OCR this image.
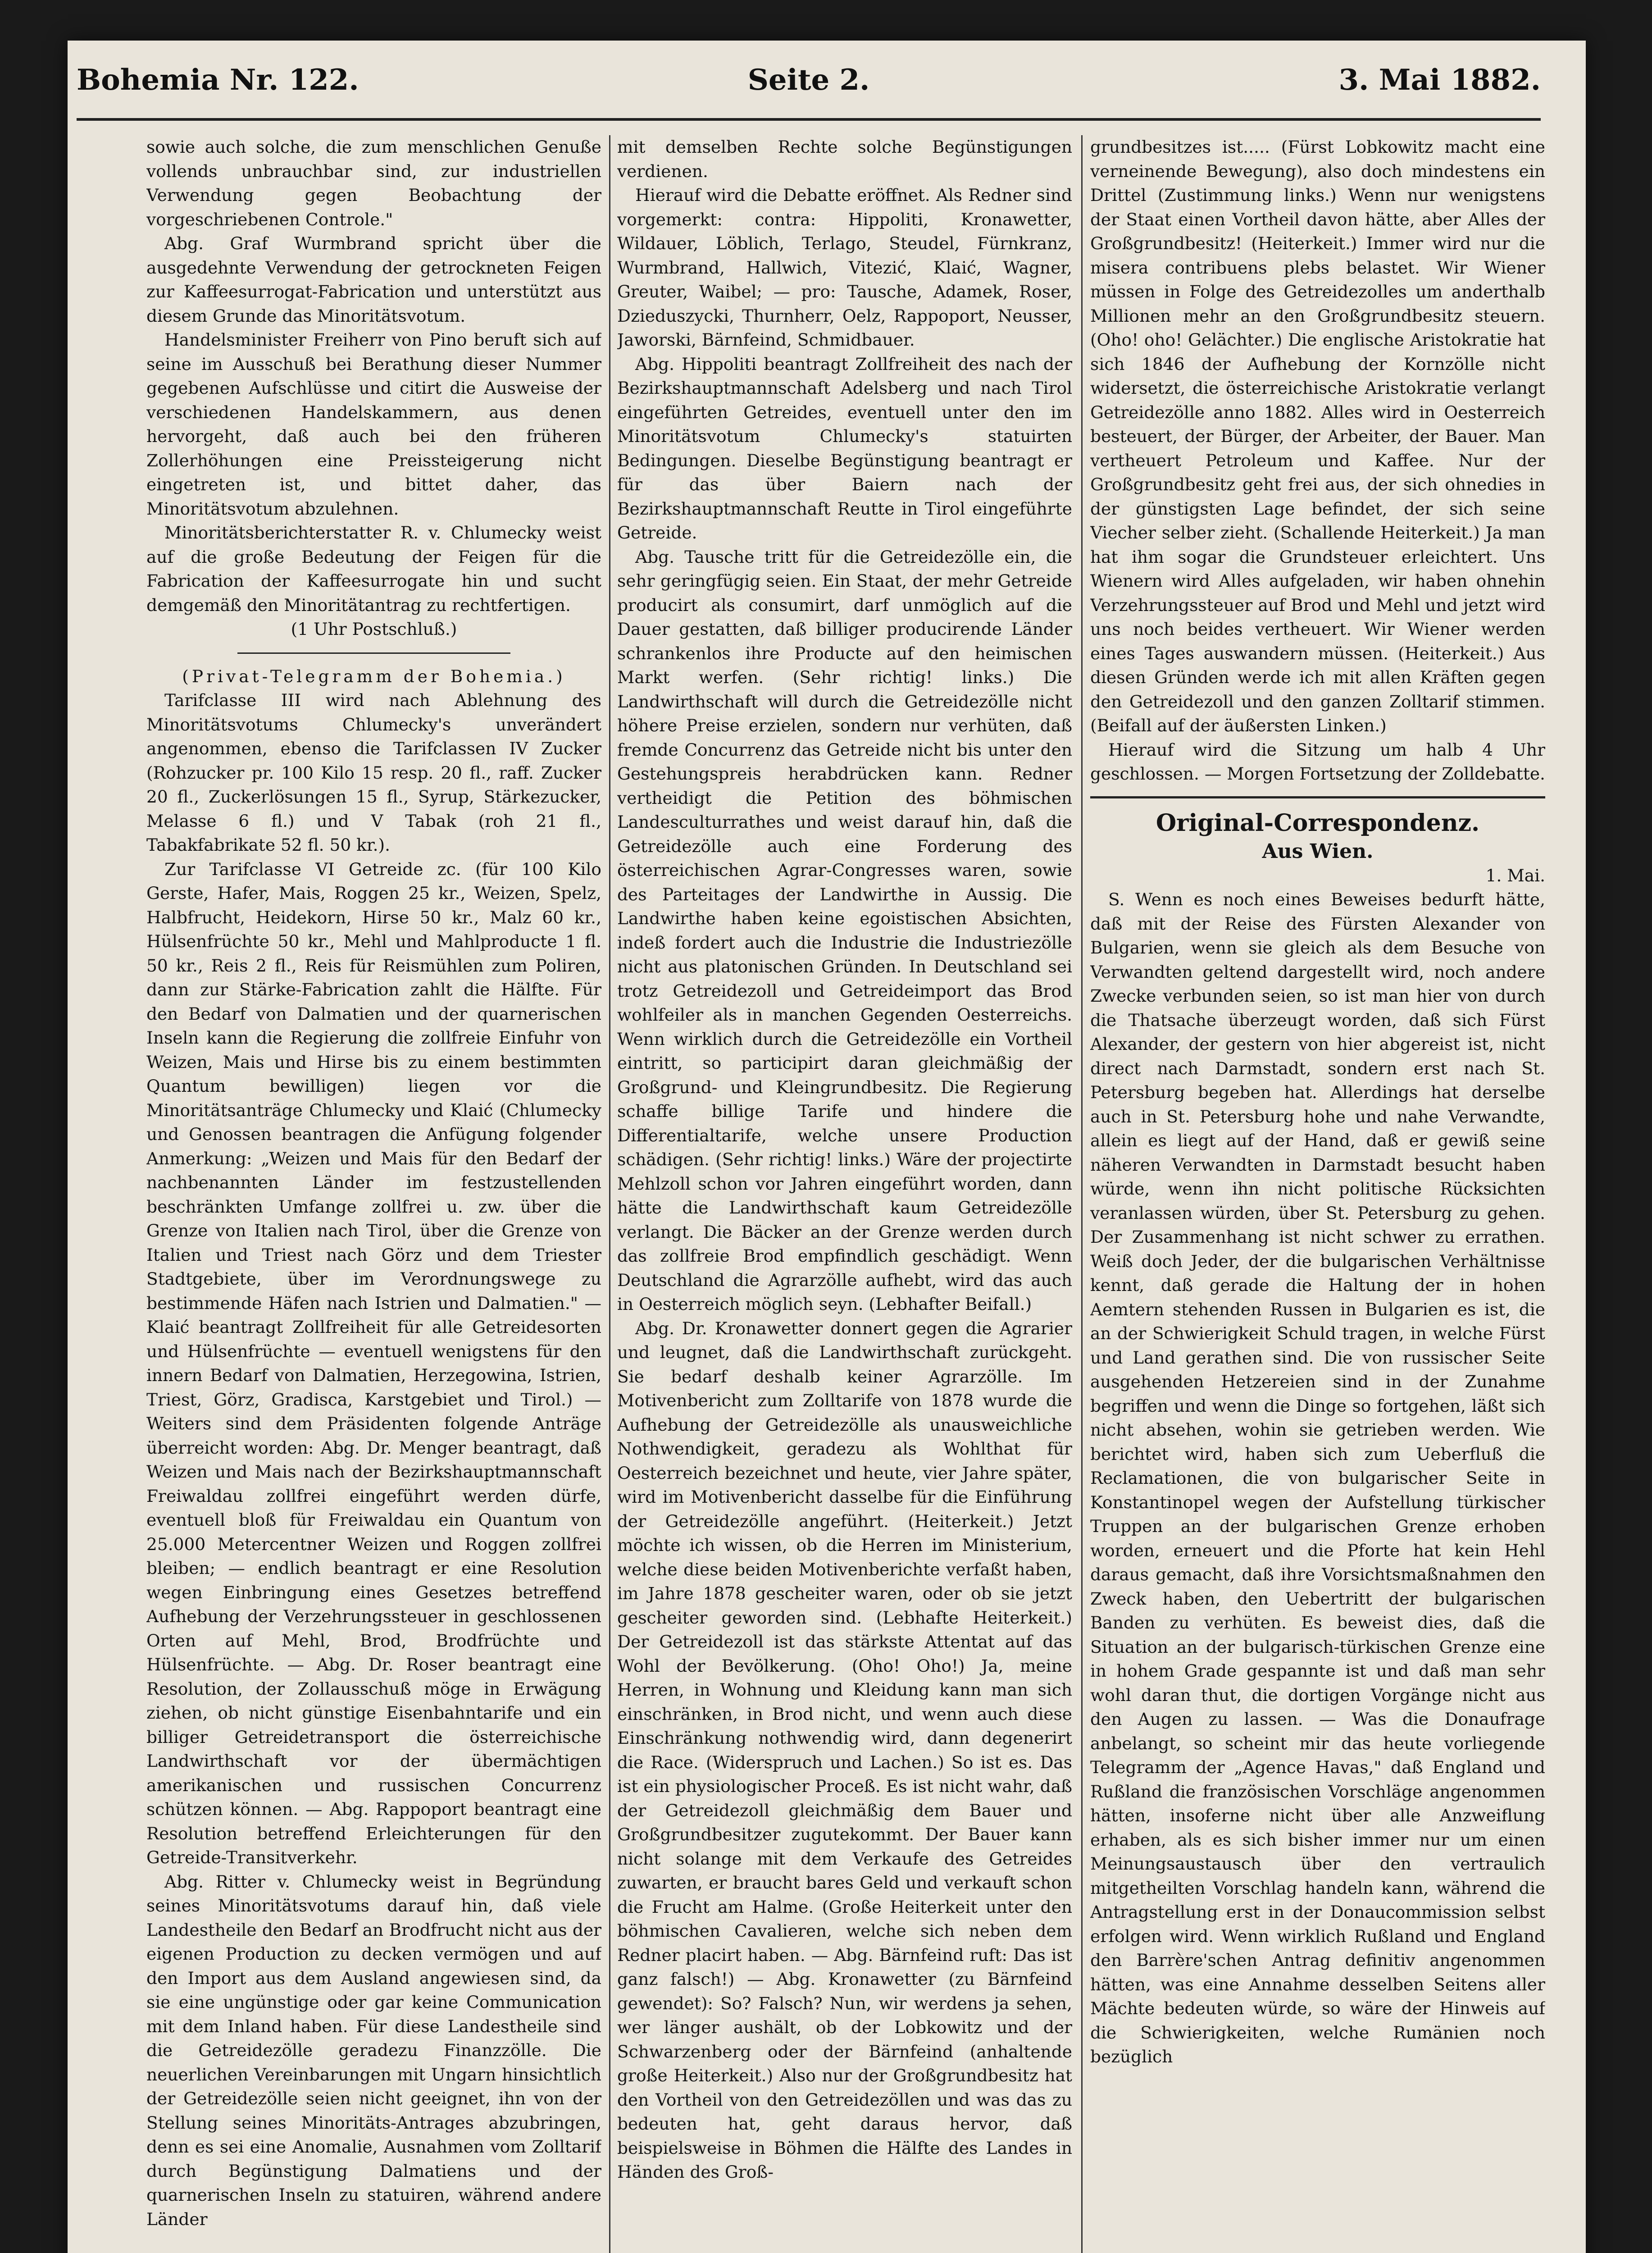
Bohemia Nr. 122.	Seite 2.	3. Mai 1882.

sowie auch solche, die zum menschlichen Genuße vollends unbrauchbar sind, zur industriellen Verwendung gegen Beobachtung der vorgeschriebenen Controle."

Abg. Graf Wurmbrand spricht über die ausgedehnte Verwendung der getrockneten Feigen zur Kaffeesurrogat-Fabrication und unterstützt aus diesem Grunde das Minoritätsvotum.

Handelsminister Freiherr von Pino beruft sich auf seine im Ausschuß bei Berathung dieser Nummer gegebenen Aufschlüsse und citirt die Ausweise der verschiedenen Handelskammern, aus denen hervorgeht, daß auch bei den früheren Zollerhöhungen eine Preissteigerung nicht eingetreten ist, und bittet daher, das Minoritätsvotum abzulehnen.

Minoritätsberichterstatter R. v. Chlumecky weist auf die große Bedeutung der Feigen für die Fabrication der Kaffeesurrogate hin und sucht demgemäß den Minoritätantrag zu rechtfertigen.

(1 Uhr Postschluß.)

(Privat-Telegramm der Bohemia.)

Tarifclasse III wird nach Ablehnung des Minoritätsvotums Chlumecky's unverändert angenommen, ebenso die Tarifclassen IV Zucker (Rohzucker pr. 100 Kilo 15 resp. 20 fl., raff. Zucker 20 fl., Zuckerlösungen 15 fl., Syrup, Stärkezucker, Melasse 6 fl.) und V Tabak (roh 21 fl., Tabakfabrikate 52 fl. 50 kr.).

Zur Tarifclasse VI Getreide zc. (für 100 Kilo Gerste, Hafer, Mais, Roggen 25 kr., Weizen, Spelz, Halbfrucht, Heidekorn, Hirse 50 kr., Malz 60 kr., Hülsenfrüchte 50 kr., Mehl und Mahlproducte 1 fl. 50 kr., Reis 2 fl., Reis für Reismühlen zum Poliren, dann zur Stärke-Fabrication zahlt die Hälfte. Für den Bedarf von Dalmatien und der quarnerischen Inseln kann die Regierung die zollfreie Einfuhr von Weizen, Mais und Hirse bis zu einem bestimmten Quantum bewilligen) liegen vor die Minoritätsanträge Chlumecky und Klaić (Chlumecky und Genossen beantragen die Anfügung folgender Anmerkung: „Weizen und Mais für den Bedarf der nachbenannten Länder im festzustellenden beschränkten Umfange zollfrei u. zw. über die Grenze von Italien nach Tirol, über die Grenze von Italien und Triest nach Görz und dem Triester Stadtgebiete, über im Verordnungswege zu bestimmende Häfen nach Istrien und Dalmatien." — Klaić beantragt Zollfreiheit für alle Getreidesorten und Hülsenfrüchte — eventuell wenigstens für den innern Bedarf von Dalmatien, Herzegowina, Istrien, Triest, Görz, Gradisca, Karstgebiet und Tirol.) — Weiters sind dem Präsidenten folgende Anträge überreicht worden: Abg. Dr. Menger beantragt, daß Weizen und Mais nach der Bezirkshauptmannschaft Freiwaldau zollfrei eingeführt werden dürfe, eventuell bloß für Freiwaldau ein Quantum von 25.000 Metercentner Weizen und Roggen zollfrei bleiben; — endlich beantragt er eine Resolution wegen Einbringung eines Gesetzes betreffend Aufhebung der Verzehrungssteuer in geschlossenen Orten auf Mehl, Brod, Brodfrüchte und Hülsenfrüchte. — Abg. Dr. Roser beantragt eine Resolution, der Zollausschuß möge in Erwägung ziehen, ob nicht günstige Eisenbahntarife und ein billiger Getreidetransport die österreichische Landwirthschaft vor der übermächtigen amerikanischen und russischen Concurrenz schützen können. — Abg. Rappoport beantragt eine Resolution betreffend Erleichterungen für den Getreide-Transitverkehr.

Abg. Ritter v. Chlumecky weist in Begründung seines Minoritätsvotums darauf hin, daß viele Landestheile den Bedarf an Brodfrucht nicht aus der eigenen Production zu decken vermögen und auf den Import aus dem Ausland angewiesen sind, da sie eine ungünstige oder gar keine Communication mit dem Inland haben. Für diese Landestheile sind die Getreidezölle geradezu Finanzzölle. Die neuerlichen Vereinbarungen mit Ungarn hinsichtlich der Getreidezölle seien nicht geeignet, ihn von der Stellung seines Minoritäts-Antrages abzubringen, denn es sei eine Anomalie, Ausnahmen vom Zolltarif durch Begünstigung Dalmatiens und der quarnerischen Inseln zu statuiren, während andere Länder

mit demselben Rechte solche Begünstigungen verdienen.

Hierauf wird die Debatte eröffnet. Als Redner sind vorgemerkt: contra: Hippoliti, Kronawetter, Wildauer, Löblich, Terlago, Steudel, Fürnkranz, Wurmbrand, Hallwich, Vitezić, Klaić, Wagner, Greuter, Waibel; — pro: Tausche, Adamek, Roser, Dzieduszycki, Thurnherr, Oelz, Rappoport, Neusser, Jaworski, Bärnfeind, Schmidbauer.

Abg. Hippoliti beantragt Zollfreiheit des nach der Bezirkshauptmannschaft Adelsberg und nach Tirol eingeführten Getreides, eventuell unter den im Minoritätsvotum Chlumecky's statuirten Bedingungen. Dieselbe Begünstigung beantragt er für das über Baiern nach der Bezirkshauptmannschaft Reutte in Tirol eingeführte Getreide.

Abg. Tausche tritt für die Getreidezölle ein, die sehr geringfügig seien. Ein Staat, der mehr Getreide producirt als consumirt, darf unmöglich auf die Dauer gestatten, daß billiger producirende Länder schrankenlos ihre Producte auf den heimischen Markt werfen. (Sehr richtig! links.) Die Landwirthschaft will durch die Getreidezölle nicht höhere Preise erzielen, sondern nur verhüten, daß fremde Concurrenz das Getreide nicht bis unter den Gestehungspreis herabdrücken kann. Redner vertheidigt die Petition des böhmischen Landesculturrathes und weist darauf hin, daß die Getreidezölle auch eine Forderung des österreichischen Agrar-Congresses waren, sowie des Parteitages der Landwirthe in Aussig. Die Landwirthe haben keine egoistischen Absichten, indeß fordert auch die Industrie die Industriezölle nicht aus platonischen Gründen. In Deutschland sei trotz Getreidezoll und Getreideimport das Brod wohlfeiler als in manchen Gegenden Oesterreichs. Wenn wirklich durch die Getreidezölle ein Vortheil eintritt, so participirt daran gleichmäßig der Großgrund- und Kleingrundbesitz. Die Regierung schaffe billige Tarife und hindere die Differentialtarife, welche unsere Production schädigen. (Sehr richtig! links.) Wäre der projectirte Mehlzoll schon vor Jahren eingeführt worden, dann hätte die Landwirthschaft kaum Getreidezölle verlangt. Die Bäcker an der Grenze werden durch das zollfreie Brod empfindlich geschädigt. Wenn Deutschland die Agrarzölle aufhebt, wird das auch in Oesterreich möglich seyn. (Lebhafter Beifall.)

Abg. Dr. Kronawetter donnert gegen die Agrarier und leugnet, daß die Landwirthschaft zurückgeht. Sie bedarf deshalb keiner Agrarzölle. Im Motivenbericht zum Zolltarife von 1878 wurde die Aufhebung der Getreidezölle als unausweichliche Nothwendigkeit, geradezu als Wohlthat für Oesterreich bezeichnet und heute, vier Jahre später, wird im Motivenbericht dasselbe für die Einführung der Getreidezölle angeführt. (Heiterkeit.) Jetzt möchte ich wissen, ob die Herren im Ministerium, welche diese beiden Motivenberichte verfaßt haben, im Jahre 1878 gescheiter waren, oder ob sie jetzt gescheiter geworden sind. (Lebhafte Heiterkeit.) Der Getreidezoll ist das stärkste Attentat auf das Wohl der Bevölkerung. (Oho! Oho!) Ja, meine Herren, in Wohnung und Kleidung kann man sich einschränken, in Brod nicht, und wenn auch diese Einschränkung nothwendig wird, dann degenerirt die Race. (Widerspruch und Lachen.) So ist es. Das ist ein physiologischer Proceß. Es ist nicht wahr, daß der Getreidezoll gleichmäßig dem Bauer und Großgrundbesitzer zugutekommt. Der Bauer kann nicht solange mit dem Verkaufe des Getreides zuwarten, er braucht bares Geld und verkauft schon die Frucht am Halme. (Große Heiterkeit unter den böhmischen Cavalieren, welche sich neben dem Redner placirt haben. — Abg. Bärnfeind ruft: Das ist ganz falsch!) — Abg. Kronawetter (zu Bärnfeind gewendet): So? Falsch? Nun, wir werdens ja sehen, wer länger aushält, ob der Lobkowitz und der Schwarzenberg oder der Bärnfeind (anhaltende große Heiterkeit.) Also nur der Großgrundbesitz hat den Vortheil von den Getreidezöllen und was das zu bedeuten hat, geht daraus hervor, daß beispielsweise in Böhmen die Hälfte des Landes in Händen des Groß-

grundbesitzes ist..... (Fürst Lobkowitz macht eine verneinende Bewegung), also doch mindestens ein Drittel (Zustimmung links.) Wenn nur wenigstens der Staat einen Vortheil davon hätte, aber Alles der Großgrundbesitz! (Heiterkeit.) Immer wird nur die misera contribuens plebs belastet. Wir Wiener müssen in Folge des Getreidezolles um anderthalb Millionen mehr an den Großgrundbesitz steuern. (Oho! oho! Gelächter.) Die englische Aristokratie hat sich 1846 der Aufhebung der Kornzölle nicht widersetzt, die österreichische Aristokratie verlangt Getreidezölle anno 1882. Alles wird in Oesterreich besteuert, der Bürger, der Arbeiter, der Bauer. Man vertheuert Petroleum und Kaffee. Nur der Großgrundbesitz geht frei aus, der sich ohnedies in der günstigsten Lage befindet, der sich seine Viecher selber zieht. (Schallende Heiterkeit.) Ja man hat ihm sogar die Grundsteuer erleichtert. Uns Wienern wird Alles aufgeladen, wir haben ohnehin Verzehrungssteuer auf Brod und Mehl und jetzt wird uns noch beides vertheuert. Wir Wiener werden eines Tages auswandern müssen. (Heiterkeit.) Aus diesen Gründen werde ich mit allen Kräften gegen den Getreidezoll und den ganzen Zolltarif stimmen. (Beifall auf der äußersten Linken.)

Hierauf wird die Sitzung um halb 4 Uhr geschlossen. — Morgen Fortsetzung der Zolldebatte.

Original-Correspondenz.
Aus Wien.
1. Mai.

S. Wenn es noch eines Beweises bedurft hätte, daß mit der Reise des Fürsten Alexander von Bulgarien, wenn sie gleich als dem Besuche von Verwandten geltend dargestellt wird, noch andere Zwecke verbunden seien, so ist man hier von durch die Thatsache überzeugt worden, daß sich Fürst Alexander, der gestern von hier abgereist ist, nicht direct nach Darmstadt, sondern erst nach St. Petersburg begeben hat. Allerdings hat derselbe auch in St. Petersburg hohe und nahe Verwandte, allein es liegt auf der Hand, daß er gewiß seine näheren Verwandten in Darmstadt besucht haben würde, wenn ihn nicht politische Rücksichten veranlassen würden, über St. Petersburg zu gehen. Der Zusammenhang ist nicht schwer zu errathen. Weiß doch Jeder, der die bulgarischen Verhältnisse kennt, daß gerade die Haltung der in hohen Aemtern stehenden Russen in Bulgarien es ist, die an der Schwierigkeit Schuld tragen, in welche Fürst und Land gerathen sind. Die von russischer Seite ausgehenden Hetzereien sind in der Zunahme begriffen und wenn die Dinge so fortgehen, läßt sich nicht absehen, wohin sie getrieben werden. Wie berichtet wird, haben sich zum Ueberfluß die Reclamationen, die von bulgarischer Seite in Konstantinopel wegen der Aufstellung türkischer Truppen an der bulgarischen Grenze erhoben worden, erneuert und die Pforte hat kein Hehl daraus gemacht, daß ihre Vorsichtsmaßnahmen den Zweck haben, den Uebertritt der bulgarischen Banden zu verhüten. Es beweist dies, daß die Situation an der bulgarisch-türkischen Grenze eine in hohem Grade gespannte ist und daß man sehr wohl daran thut, die dortigen Vorgänge nicht aus den Augen zu lassen. — Was die Donaufrage anbelangt, so scheint mir das heute vorliegende Telegramm der „Agence Havas," daß England und Rußland die französischen Vorschläge angenommen hätten, insoferne nicht über alle Anzweiflung erhaben, als es sich bisher immer nur um einen Meinungsaustausch über den vertraulich mitgetheilten Vorschlag handeln kann, während die Antragstellung erst in der Donaucommission selbst erfolgen wird. Wenn wirklich Rußland und England den Barrère'schen Antrag definitiv angenommen hätten, was eine Annahme desselben Seitens aller Mächte bedeuten würde, so wäre der Hinweis auf die Schwierigkeiten, welche Rumänien noch bezüglich
